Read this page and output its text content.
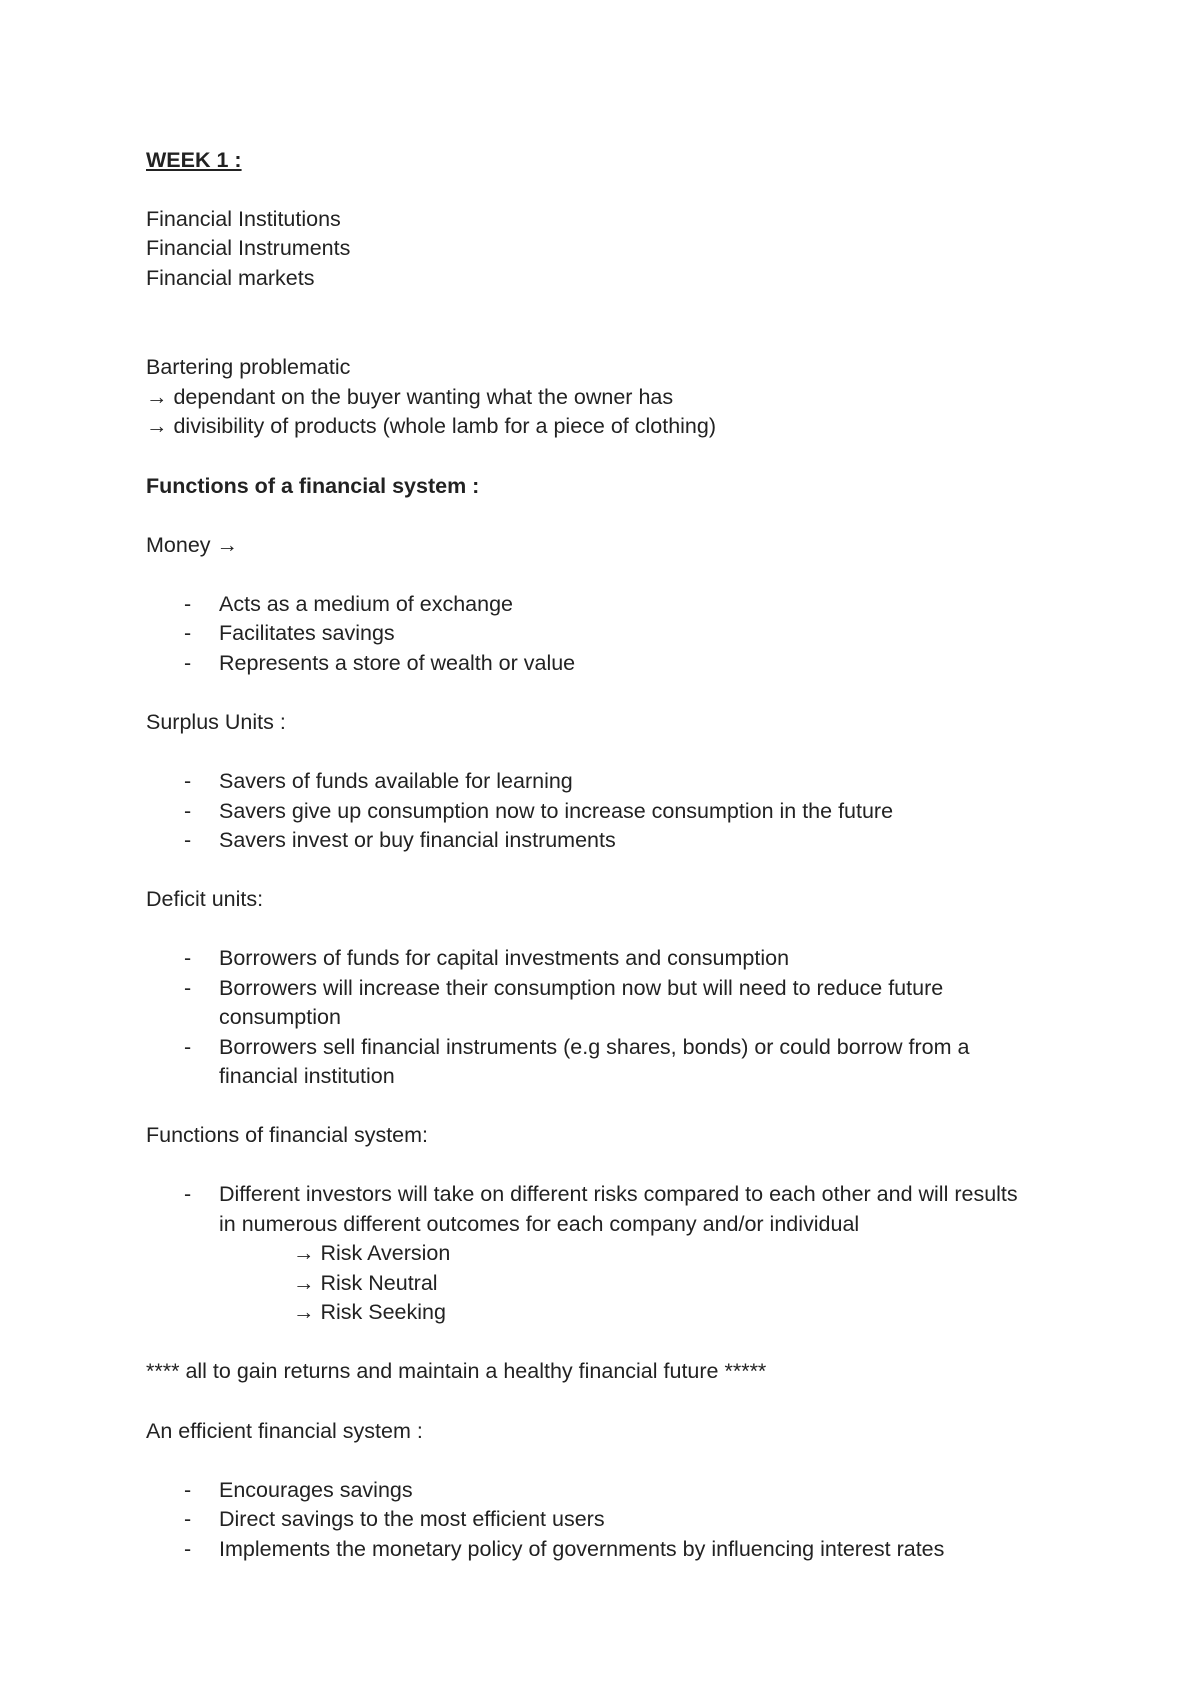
WEEK 1 :
Financial Institutions
Financial Instruments
Financial markets
Bartering problematic
→ dependant on the buyer wanting what the owner has
→ divisibility of products (whole lamb for a piece of clothing)
Functions of a financial system :
Money →
- Acts as a medium of exchange
- Facilitates savings
- Represents a store of wealth or value
Surplus Units :
- Savers of funds available for learning
- Savers give up consumption now to increase consumption in the future
- Savers invest or buy financial instruments
Deficit units:
- Borrowers of funds for capital investments and consumption
- Borrowers will increase their consumption now but will need to reduce future
consumption
- Borrowers sell financial instruments (e.g shares, bonds) or could borrow from a
financial institution
Functions of financial system:
- Different investors will take on different risks compared to each other and will results
in numerous different outcomes for each company and/or individual
→ Risk Aversion
→ Risk Neutral
→ Risk Seeking
**** all to gain returns and maintain a healthy financial future *****
An efficient financial system :
- Encourages savings
- Direct savings to the most efficient users
- Implements the monetary policy of governments by influencing interest rates
